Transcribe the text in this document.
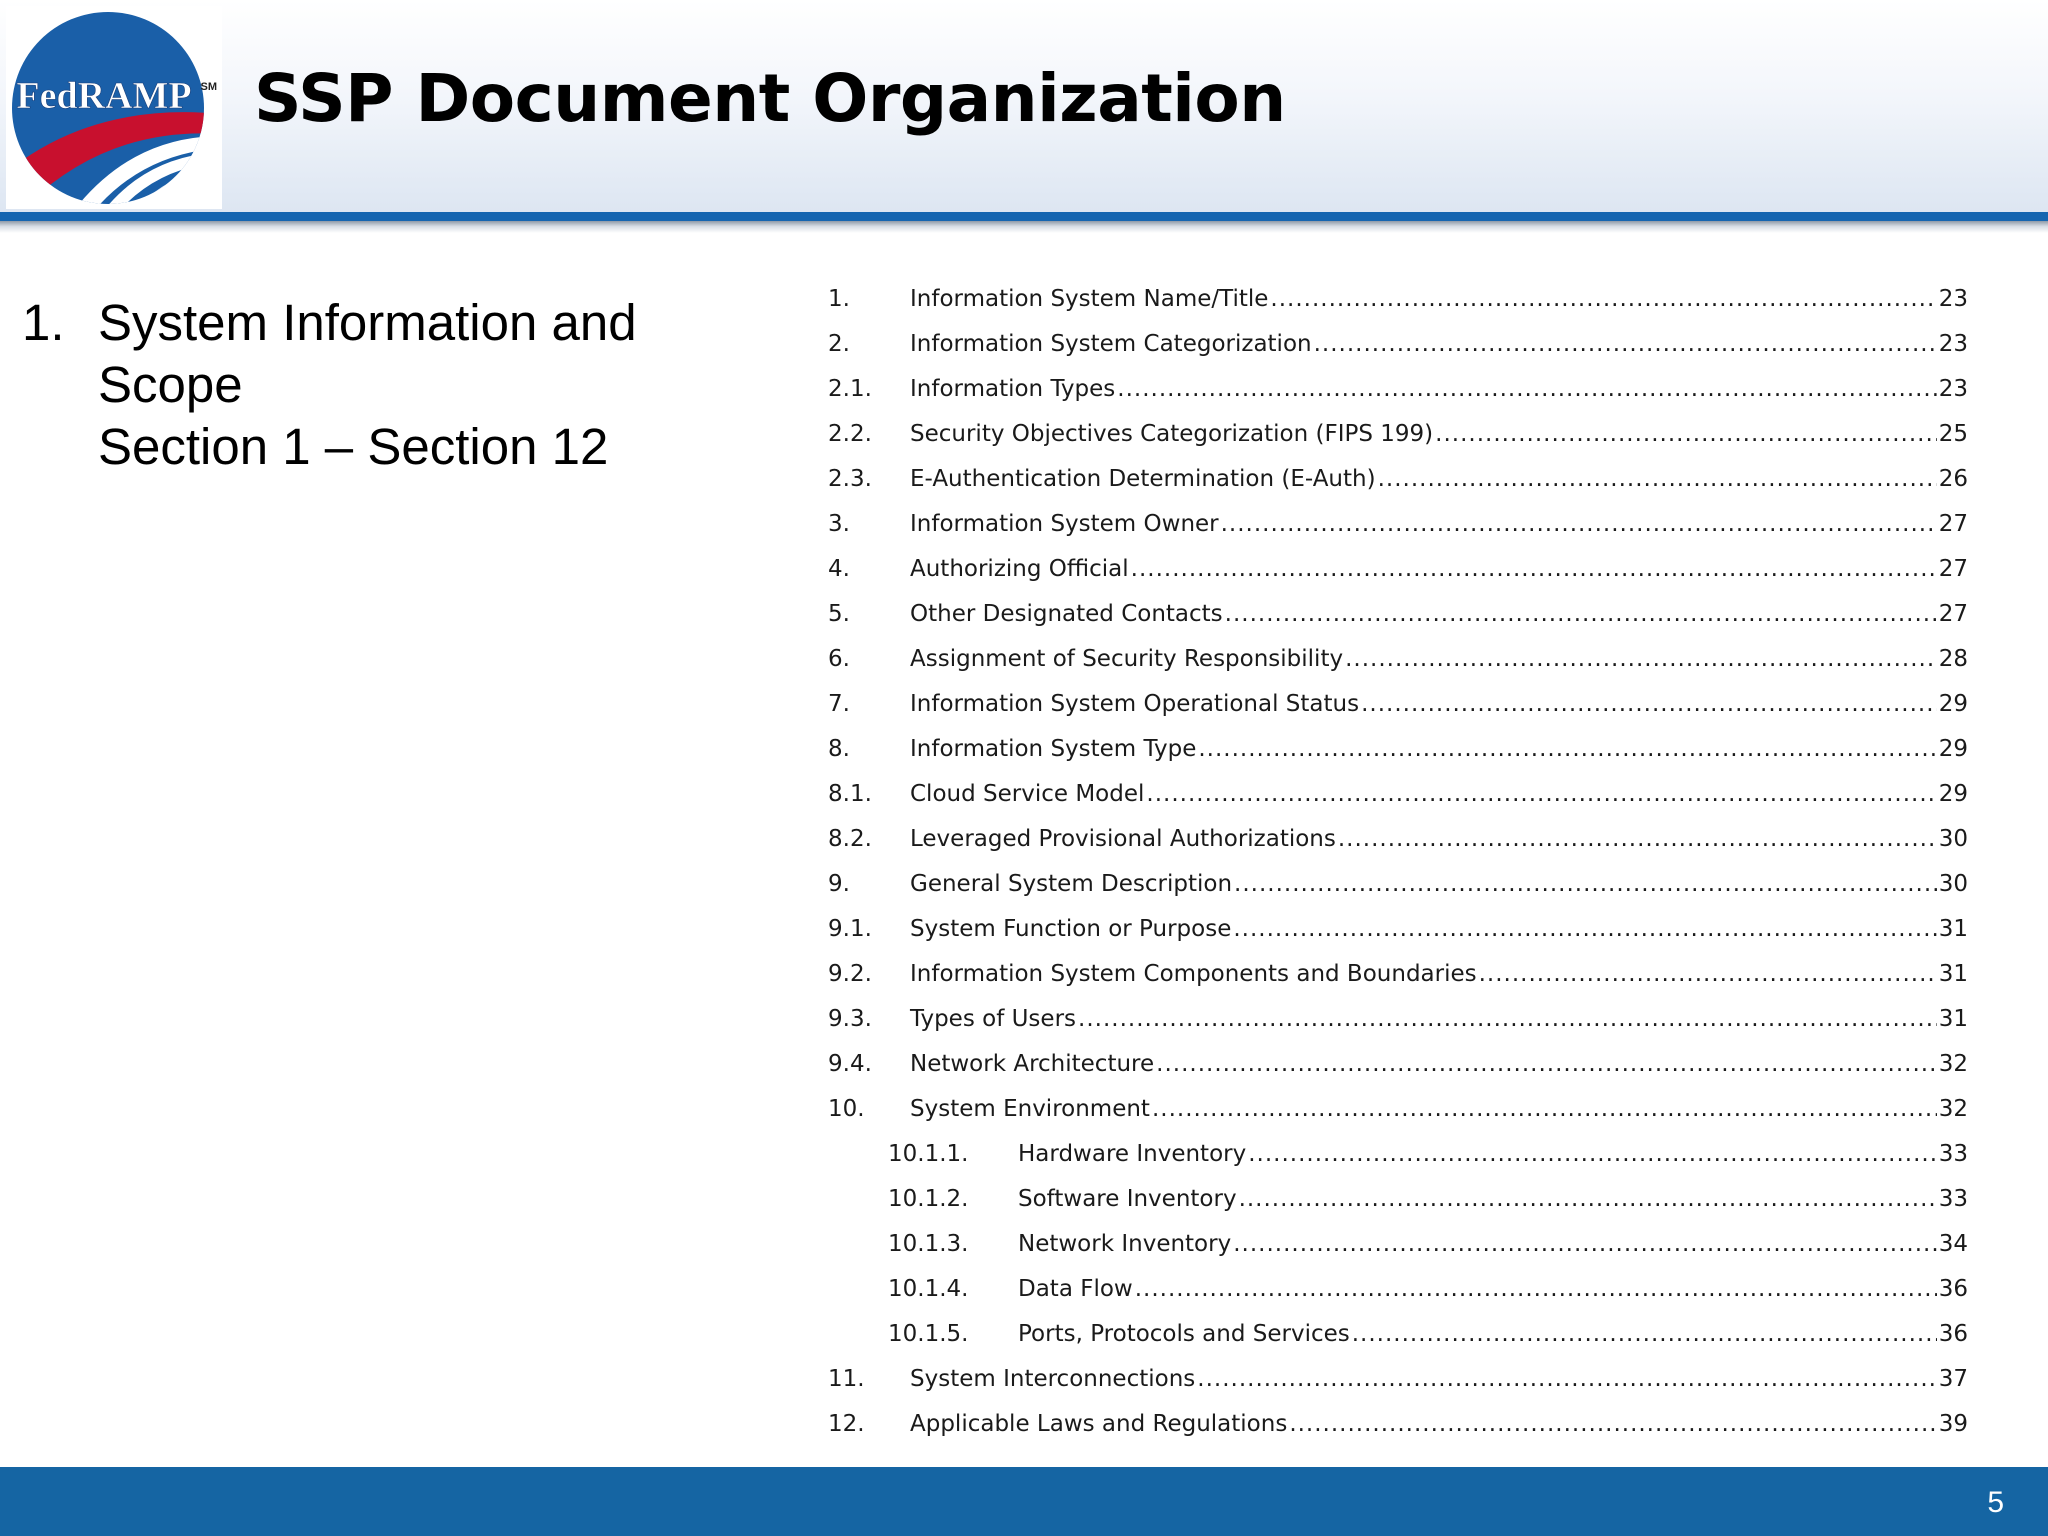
FedRAMP SM SSP Document Organization
1. System Information and
Scope
Section 1 – Section 12
1.	Information System Name/Title .....	23
2.	Information System Categorization .....	23
2.1.	Information Types .....	23
2.2.	Security Objectives Categorization (FIPS 199) .....	25
2.3.	E-Authentication Determination (E-Auth) .....	26
3.	Information System Owner .....	27
4.	Authorizing Official .....	27
5.	Other Designated Contacts .....	27
6.	Assignment of Security Responsibility .....	28
7.	Information System Operational Status .....	29
8.	Information System Type .....	29
8.1.	Cloud Service Model .....	29
8.2.	Leveraged Provisional Authorizations .....	30
9.	General System Description .....	30
9.1.	System Function or Purpose .....	31
9.2.	Information System Components and Boundaries .....	31
9.3.	Types of Users .....	31
9.4.	Network Architecture .....	32
10.	System Environment .....	32
10.1.1.	Hardware Inventory .....	33
10.1.2.	Software Inventory .....	33
10.1.3.	Network Inventory .....	34
10.1.4.	Data Flow .....	36
10.1.5.	Ports, Protocols and Services .....	36
11.	System Interconnections .....	37
12.	Applicable Laws and Regulations .....	39
5
